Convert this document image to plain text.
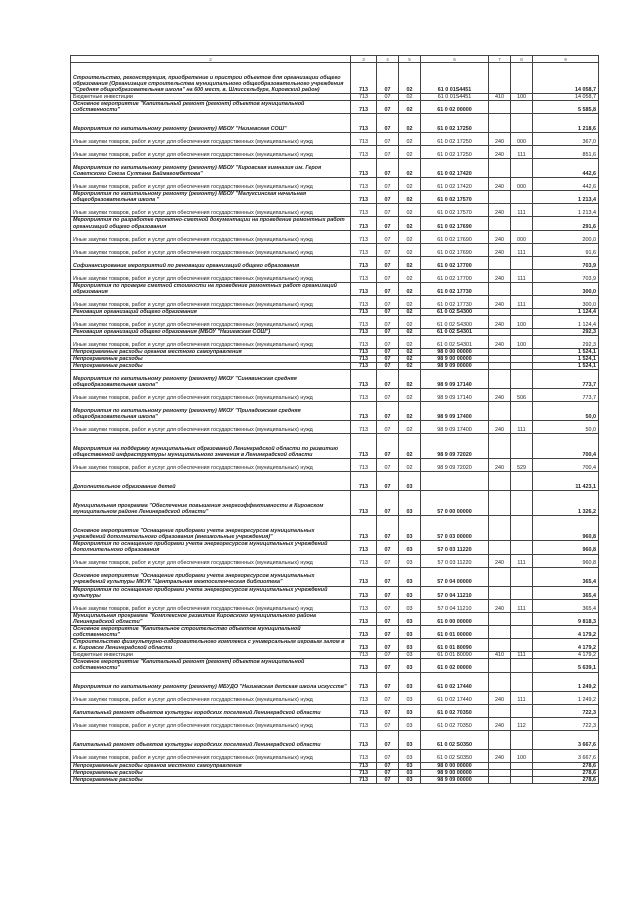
2	3	4	5	6	7	8	9
Строительство, реконструкция, приобретение и пристрои объектов для организации общего образования (Организация строительства муниципального общеобразовательного учреждения "Средняя общеобразовательная школа" на 600 мест, в. Шлиссельбург, Кировский район)	713	07	02	61 0 01S4451			14 058,7
Бюджетные инвестиции	713	07	02	61 0 01S4451	410	100	14 058,7
Основное мероприятие "Капитальный ремонт (ремонт) объектов муниципальной собственности"	713	07	02	61 0 02 00000			5 585,8
Мероприятия по капитальному ремонту (ремонту) МБОУ "Назиевская СОШ"	713	07	02	61 0 02 17250			1 218,6
Иные закупки товаров, работ и услуг для обеспечения государственных (муниципальных) нужд	713	07	02	61 0 02 17250	240	000	367,0
Иные закупки товаров, работ и услуг для обеспечения государственных (муниципальных) нужд	713	07	02	61 0 02 17250	240	111	851,6
Мероприятия по капитальному ремонту (ремонту) МБОУ "Кировская гимназия им. Героя Советского Союза Султана Баймагомбетова"	713	07	02	61 0 02 17420			442,6
Иные закупки товаров, работ и услуг для обеспечения государственных (муниципальных) нужд	713	07	02	61 0 02 17420	240	000	442,6
Мероприятия по капитальному ремонту (ремонту) МБОУ "Малуксинская начальная общеобразовательная школа "	713	07	02	61 0 02 17570			1 213,4
Иные закупки товаров, работ и услуг для обеспечения государственных (муниципальных) нужд	713	07	02	61 0 02 17570	240	111	1 213,4
Мероприятия по разработке проектно-сметной документации на проведение ремонтных работ организаций общего образования	713	07	02	61 0 02 17690			291,6
Иные закупки товаров, работ и услуг для обеспечения государственных (муниципальных) нужд	713	07	02	61 0 02 17690	240	000	200,0
Иные закупки товаров, работ и услуг для обеспечения государственных (муниципальных) нужд	713	07	02	61 0 02 17690	240	111	91,6
Софинансирование мероприятий по реновации организаций общего образования	713	07	02	61 0 02 17700			703,9
Иные закупки товаров, работ и услуг для обеспечения государственных (муниципальных) нужд	713	07	02	61 0 02 17700	240	111	703,9
Мероприятия по проверке сметной стоимости на проведение ремонтных работ организаций образования	713	07	02	61 0 02 17730			300,0
Иные закупки товаров, работ и услуг для обеспечения государственных (муниципальных) нужд	713	07	02	61 0 02 17730	240	111	300,0
Реновация организаций общего образования	713	07	02	61 0 02 S4300			1 124,4
Иные закупки товаров, работ и услуг для обеспечения государственных (муниципальных) нужд	713	07	02	61 0 02 S4300	240	100	1 124,4
Реновация организаций общего образования (МБОУ "Назиевская СОШ")	713	07	02	61 0 02 S4301			292,3
Иные закупки товаров, работ и услуг для обеспечения государственных (муниципальных) нужд	713	07	02	61 0 02 S4301	240	100	292,3
Непрограммные расходы органов местного самоуправления	713	07	02	98 0 00 00000			1 524,1
Непрограммные расходы	713	07	02	98 9 00 00000			1 524,1
Непрограммные расходы	713	07	02	98 9 09 00000			1 524,1
Мероприятия по капитальному ремонту (ремонту) МКОУ "Синявинская средняя общеобразовательная школа"	713	07	02	98 9 09 17140			773,7
Иные закупки товаров, работ и услуг для обеспечения государственных (муниципальных) нужд	713	07	02	98 9 09 17140	240	506	773,7
Мероприятия по капитальному ремонту (ремонту) МКОУ "Приладожская средняя общеобразовательная школа"	713	07	02	98 9 09 17400			50,0
Иные закупки товаров, работ и услуг для обеспечения государственных (муниципальных) нужд	713	07	02	98 9 09 17400	240	111	50,0
Мероприятия на поддержку муниципальных образований Ленинградской области по развитию общественной инфраструктуры муниципального значения в Ленинградской области	713	07	02	98 9 09 72020			700,4
Иные закупки товаров, работ и услуг для обеспечения государственных (муниципальных) нужд	713	07	02	98 9 09 72020	240	529	700,4
Дополнительное образование детей	713	07	03				11 423,1
Муниципальная программа "Обеспечение повышения энергоэффективности в Кировском муниципальном районе Ленинградской области"	713	07	03	57 0 00 00000			1 326,2
Основное мероприятие "Оснащение приборами учета энергоресурсов муниципальных учреждений дополнительного образования (внешкольные учреждения)"	713	07	03	57 0 03 00000			960,8
Мероприятия по оснащению приборами учета энергоресурсов муниципальных учреждений дополнительного образования	713	07	03	57 0 03 11220			960,8
Иные закупки товаров, работ и услуг для обеспечения государственных (муниципальных) нужд	713	07	03	57 0 03 11220	240	111	960,8
Основное мероприятие "Оснащение приборами учета энергоресурсов муниципальных учреждений культуры МКУК "Центральная межпоселенческая библиотека"	713	07	03	57 0 04 00000			365,4
Мероприятия по оснащению приборами учета энергоресурсов муниципальных учреждений культуры	713	07	03	57 0 04 11210			365,4
Иные закупки товаров, работ и услуг для обеспечения государственных (муниципальных) нужд	713	07	03	57 0 04 11210	240	111	365,4
Муниципальная программа "Комплексное развитие Кировского муниципального района Ленинградской области"	713	07	03	61 0 00 00000			9 818,3
Основное мероприятие "Капитальное строительство объектов муниципальной собственности"	713	07	03	61 0 01 00000			4 179,2
Строительство физкультурно-оздоровительного комплекса с универсальным игровым залом в г. Кировске Ленинградской области	713	07	03	61 0 01 80090			4 179,2
Бюджетные инвестиции	713	07	03	61 0 01 80090	410	111	4 179,2
Основное мероприятие "Капитальный ремонт (ремонт) объектов муниципальной собственности"	713	07	03	61 0 02 00000			5 639,1
Мероприятия по капитальному ремонту (ремонту) МБУДО "Назиевская детская школа искусств"	713	07	03	61 0 02 17440			1 249,2
Иные закупки товаров, работ и услуг для обеспечения государственных (муниципальных) нужд	713	07	03	61 0 02 17440	240	111	1 249,2
Капитальный ремонт объектов культуры городских поселений Ленинградской области	713	07	03	61 0 02 70350			722,3
Иные закупки товаров, работ и услуг для обеспечения государственных (муниципальных) нужд	713	07	03	61 0 02 70350	240	112	722,3
Капитальный ремонт объектов культуры городских поселений Ленинградской области	713	07	03	61 0 02 S0350			3 667,6
Иные закупки товаров, работ и услуг для обеспечения государственных (муниципальных) нужд	713	07	03	61 0 02 S0350	240	100	3 667,6
Непрограммные расходы органов местного самоуправления	713	07	03	98 0 00 00000			278,6
Непрограммные расходы	713	07	03	98 9 00 00000			278,6
Непрограммные расходы	713	07	03	98 9 09 00000			278,6
